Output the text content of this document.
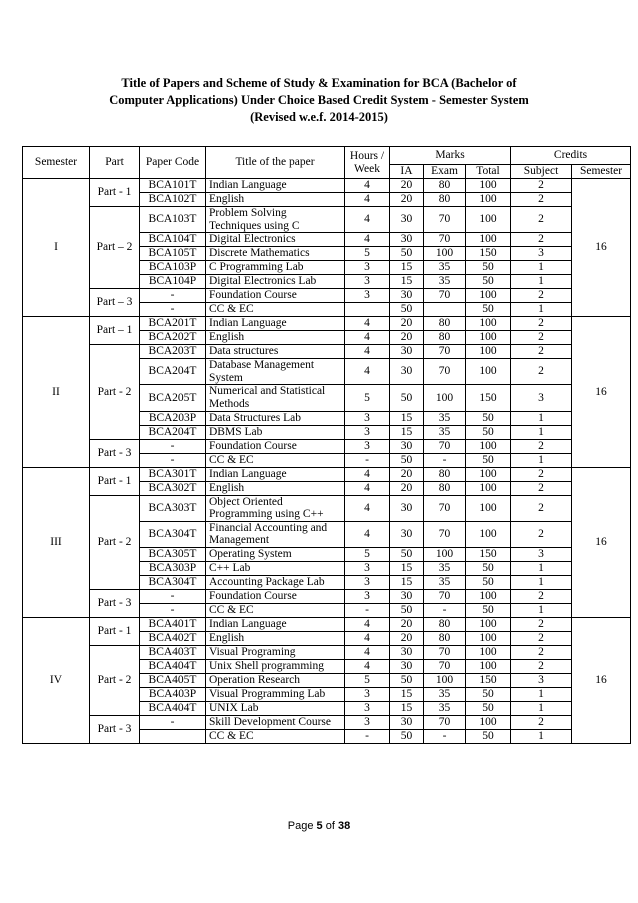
Title of Papers and Scheme of Study & Examination for BCA (Bachelor of
Computer Applications) Under Choice Based Credit System - Semester System
(Revised w.e.f. 2014-2015)
Semester	Part	Paper Code	Title of the paper	Hours / Week	Marks			Credits	
					IA	Exam	Total	Subject	Semester
I	Part - 1	BCA101T	Indian Language	4	20	80	100	2	16
		BCA102T	English	4	20	80	100	2	
	Part – 2	BCA103T	Problem Solving Techniques using C	4	30	70	100	2	
		BCA104T	Digital Electronics	4	30	70	100	2	
		BCA105T	Discrete Mathematics	5	50	100	150	3	
		BCA103P	C Programming Lab	3	15	35	50	1	
		BCA104P	Digital Electronics Lab	3	15	35	50	1	
	Part – 3	-	Foundation Course	3	30	70	100	2	
		-	CC & EC		50		50	1	
II	Part – 1	BCA201T	Indian Language	4	20	80	100	2	16
		BCA202T	English	4	20	80	100	2	
	Part - 2	BCA203T	Data structures	4	30	70	100	2	
		BCA204T	Database Management System	4	30	70	100	2	
		BCA205T	Numerical and Statistical Methods	5	50	100	150	3	
		BCA203P	Data Structures Lab	3	15	35	50	1	
		BCA204T	DBMS Lab	3	15	35	50	1	
	Part - 3	-	Foundation Course	3	30	70	100	2	
		-	CC & EC	-	50	-	50	1	
III	Part - 1	BCA301T	Indian Language	4	20	80	100	2	16
		BCA302T	English	4	20	80	100	2	
	Part - 2	BCA303T	Object Oriented Programming using C++	4	30	70	100	2	
		BCA304T	Financial Accounting and Management	4	30	70	100	2	
		BCA305T	Operating System	5	50	100	150	3	
		BCA303P	C++ Lab	3	15	35	50	1	
		BCA304T	Accounting Package Lab	3	15	35	50	1	
	Part - 3	-	Foundation Course	3	30	70	100	2	
		-	CC & EC	-	50	-	50	1	
IV	Part - 1	BCA401T	Indian Language	4	20	80	100	2	16
		BCA402T	English	4	20	80	100	2	
	Part - 2	BCA403T	Visual Programing	4	30	70	100	2	
		BCA404T	Unix Shell programming	4	30	70	100	2	
		BCA405T	Operation Research	5	50	100	150	3	
		BCA403P	Visual Programming Lab	3	15	35	50	1	
		BCA404T	UNIX Lab	3	15	35	50	1	
	Part - 3	-	Skill Development Course	3	30	70	100	2	
			CC & EC	-	50	-	50	1	
Page 5 of 38
